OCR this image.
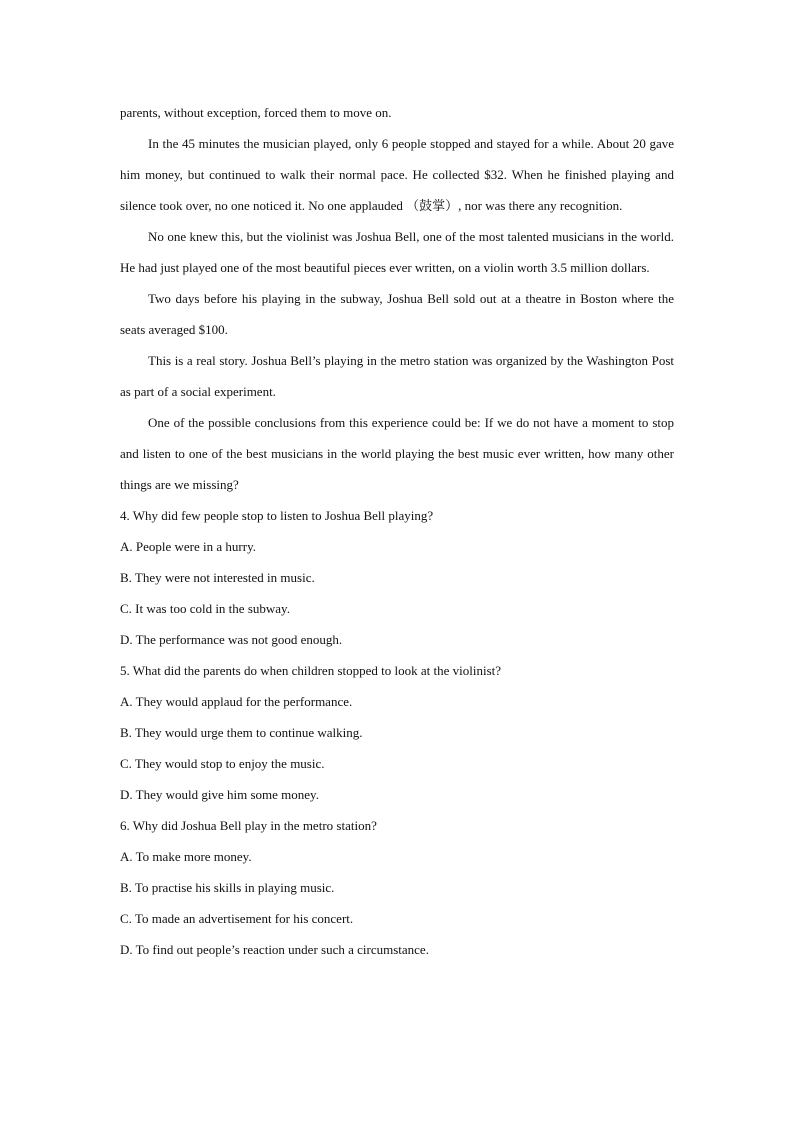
parents, without exception, forced them to move on.

In the 45 minutes the musician played, only 6 people stopped and stayed for a while. About 20 gave him money, but continued to walk their normal pace. He collected $32. When he finished playing and silence took over, no one noticed it. No one applauded （鼓掌）, nor was there any recognition.

No one knew this, but the violinist was Joshua Bell, one of the most talented musicians in the world. He had just played one of the most beautiful pieces ever written, on a violin worth 3.5 million dollars.

Two days before his playing in the subway, Joshua Bell sold out at a theatre in Boston where the seats averaged $100.

This is a real story. Joshua Bell’s playing in the metro station was organized by the Washington Post as part of a social experiment.

One of the possible conclusions from this experience could be: If we do not have a moment to stop and listen to one of the best musicians in the world playing the best music ever written, how many other things are we missing?

4. Why did few people stop to listen to Joshua Bell playing?

A. People were in a hurry.

B. They were not interested in music.

C. It was too cold in the subway.

D. The performance was not good enough.

5. What did the parents do when children stopped to look at the violinist?

A. They would applaud for the performance.

B. They would urge them to continue walking.

C. They would stop to enjoy the music.

D. They would give him some money.

6. Why did Joshua Bell play in the metro station?

A. To make more money.

B. To practise his skills in playing music.

C. To made an advertisement for his concert.

D. To find out people’s reaction under such a circumstance.
